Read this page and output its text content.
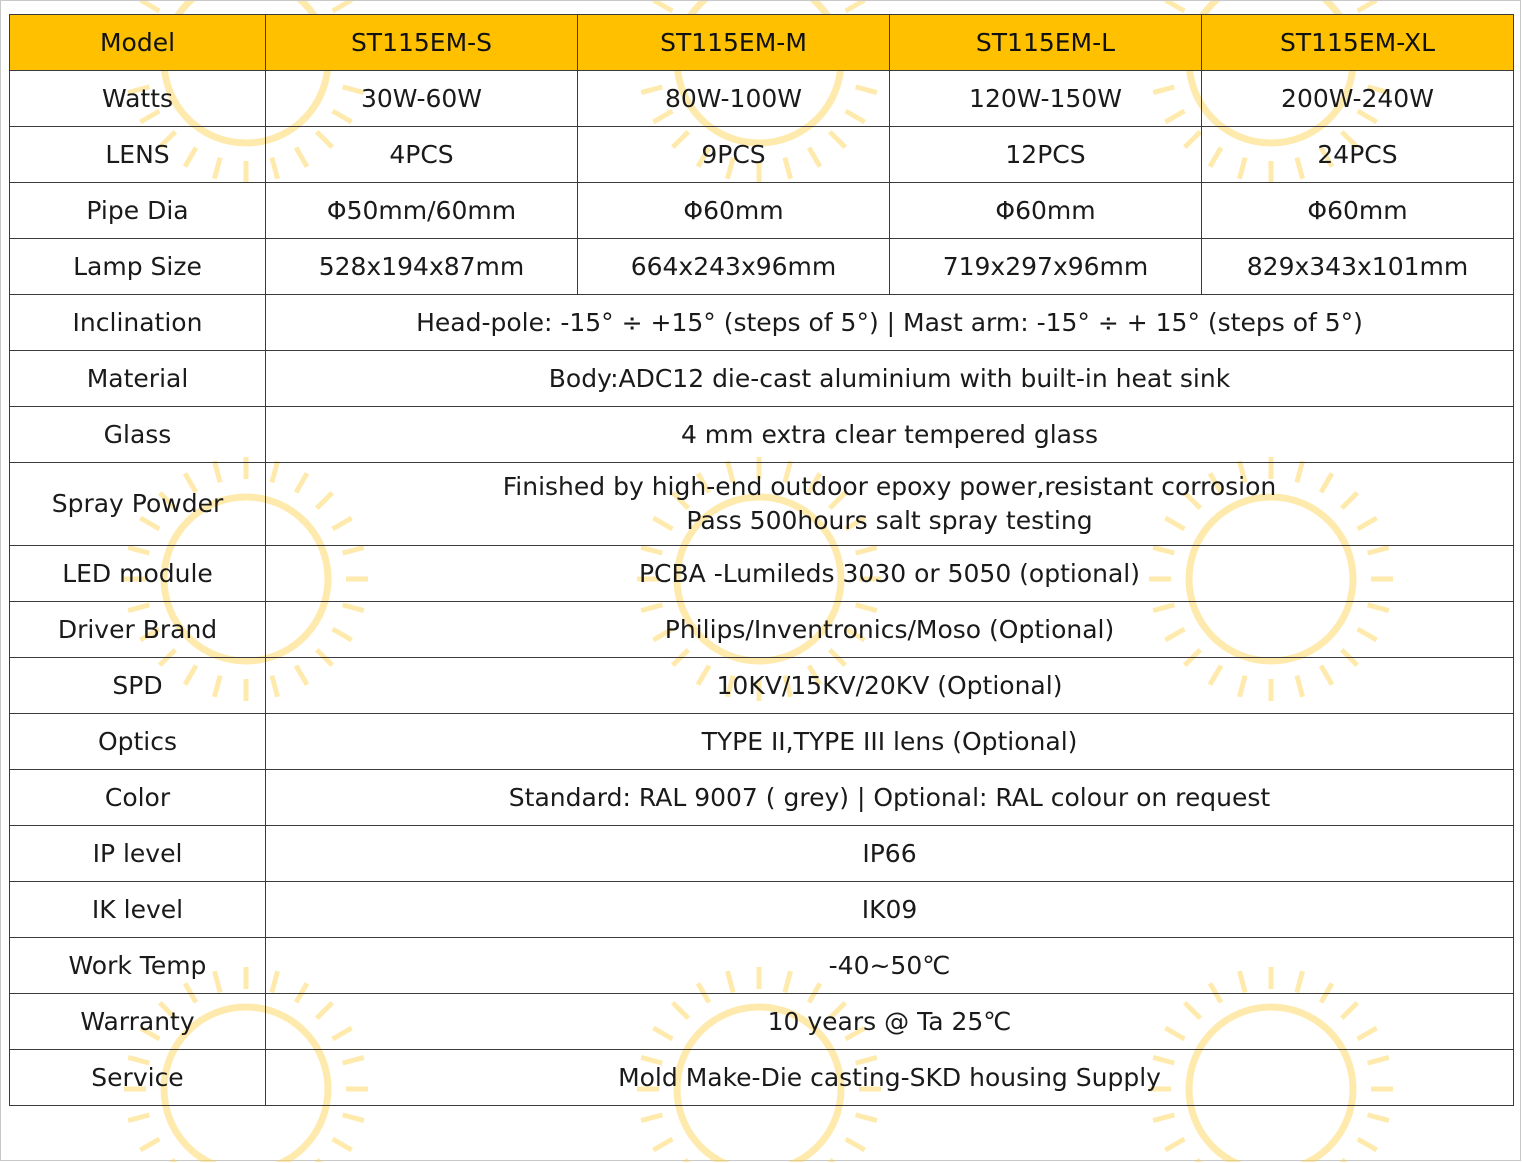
Model	ST115EM-S	ST115EM-M	ST115EM-L	ST115EM-XL
Watts	30W-60W	80W-100W	120W-150W	200W-240W
LENS	4PCS	9PCS	12PCS	24PCS
Pipe Dia	Φ50mm/60mm	Φ60mm	Φ60mm	Φ60mm
Lamp Size	528x194x87mm	664x243x96mm	719x297x96mm	829x343x101mm
Inclination	Head-pole: -15° ÷ +15° (steps of 5°) | Mast arm: -15° ÷ + 15° (steps of 5°)			
Material	Body:ADC12 die-cast aluminium with built-in heat sink			
Glass	4 mm extra clear tempered glass			
Spray Powder	Finished by high-end outdoor epoxy power,resistant corrosion
Pass 500hours salt spray testing			

LED module	PCBA -Lumileds 3030 or 5050 (optional)			
Driver Brand	Philips/Inventronics/Moso (Optional)			
SPD	10KV/15KV/20KV (Optional)			
Optics	TYPE II,TYPE III lens (Optional)			
Color	Standard: RAL 9007 ( grey) | Optional: RAL colour on request			
IP level	IP66			
IK level	IK09			
Work Temp	-40~50℃			
Warranty	10 years @ Ta 25℃			
Service	Mold Make-Die casting-SKD housing Supply			
